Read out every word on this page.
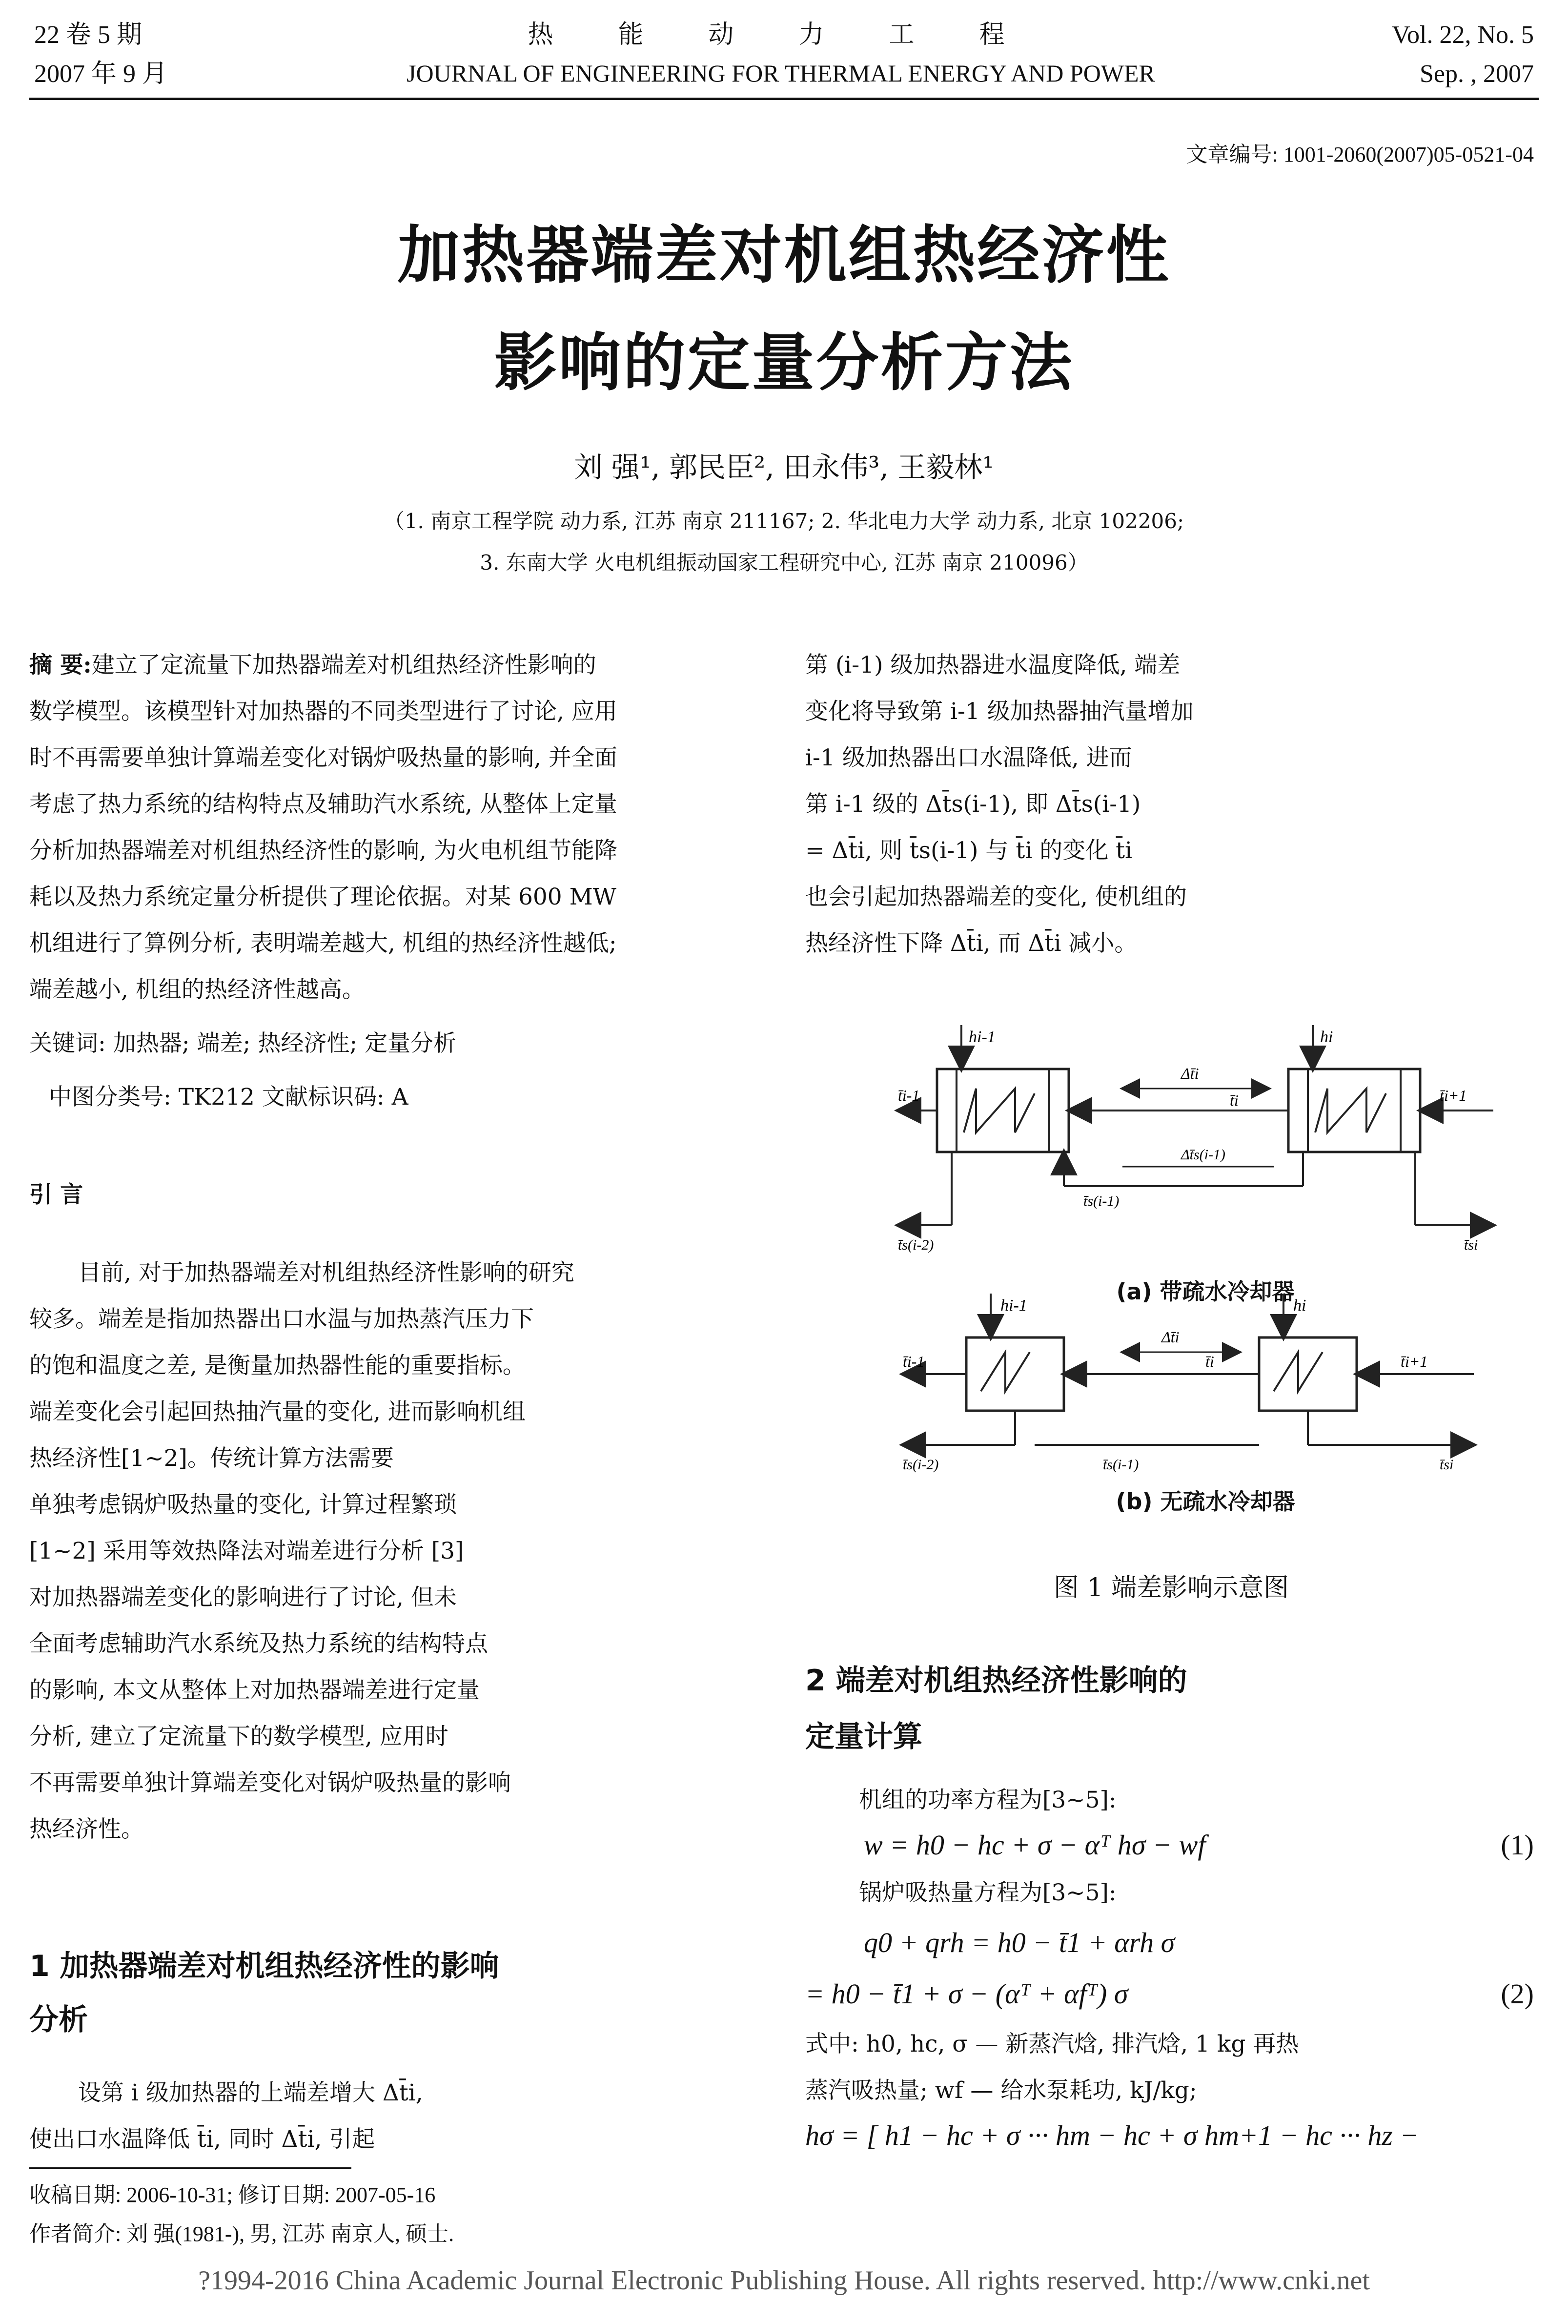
22 卷 5 期
2007 年 9 月
热 能 动 力 工 程
JOURNAL OF ENGINEERING FOR THERMAL ENERGY AND POWER
Vol. 22, No. 5
Sep. , 2007
文章编号: 1001-2060(2007)05-0521-04
加热器端差对机组热经济性
影响的定量分析方法
刘 强¹, 郭民臣², 田永伟³, 王毅林¹
（1. 南京工程学院 动力系, 江苏 南京 211167; 2. 华北电力大学 动力系, 北京 102206;
3. 东南大学 火电机组振动国家工程研究中心, 江苏 南京 210096）
摘 要:建立了定流量下加热器端差对机组热经济性影响的
数学模型。该模型针对加热器的不同类型进行了讨论, 应用
时不再需要单独计算端差变化对锅炉吸热量的影响, 并全面
考虑了热力系统的结构特点及辅助汽水系统, 从整体上定量
分析加热器端差对机组热经济性的影响, 为火电机组节能降
耗以及热力系统定量分析提供了理论依据。对某 600 MW
机组进行了算例分析, 表明端差越大, 机组的热经济性越低;
端差越小, 机组的热经济性越高。
关键词: 加热器; 端差; 热经济性; 定量分析
中图分类号: TK212 文献标识码: A
引 言
目前, 对于加热器端差对机组热经济性影响的研究
较多。端差是指加热器出口水温与加热蒸汽压力下
的饱和温度之差, 是衡量加热器性能的重要指标。
端差变化会引起回热抽汽量的变化, 进而影响机组
热经济性[1~2]。传统计算方法需要
单独考虑锅炉吸热量的变化, 计算过程繁琐
[1~2] 采用等效热降法对端差进行分析 [3]
对加热器端差变化的影响进行了讨论, 但未
全面考虑辅助汽水系统及热力系统的结构特点
的影响, 本文从整体上对加热器端差进行定量
分析, 建立了定流量下的数学模型, 应用时
不再需要单独计算端差变化对锅炉吸热量的影响
热经济性。
1 加热器端差对机组热经济性的影响
分析
设第 i 级加热器的上端差增大 Δt̄i,
使出口水温降低 t̄i, 同时 Δt̄i, 引起
收稿日期: 2006-10-31; 修订日期: 2007-05-16
作者简介: 刘 强(1981-), 男, 江苏 南京人, 硕士.
第 (i-1) 级加热器进水温度降低, 端差
变化将导致第 i-1 级加热器抽汽量增加
i-1 级加热器出口水温降低, 进而
第 i-1 级的 Δt̄s(i-1), 即 Δt̄s(i-1)
= Δt̄i, 则 t̄s(i-1) 与 t̄i 的变化 t̄i
也会引起加热器端差的变化, 使机组的
热经济性下降 Δt̄i, 而 Δt̄i 减小。
hi-1	hi
t̄i-1	t̄i	t̄i+1
Δt̄i
Δt̄s(i-1)
t̄s(i-2)
t̄s(i-1)
t̄si
(a) 带疏水冷却器
hi-1	hi
t̄i-1	t̄i	t̄i+1
Δt̄i
t̄s(i-2)	t̄s(i-1)	t̄si
(b) 无疏水冷却器
图 1 端差影响示意图
2 端差对机组热经济性影响的
定量计算
机组的功率方程为[3~5]:
w = h0 − hc + σ − αᵀ hσ − wf	(1)
锅炉吸热量方程为[3~5]:
q0 + qrh = h0 − t̄1 + αrh σ
= h0 − t̄1 + σ − (αᵀ + αfᵀ) σ	(2)
式中: h0, hc, σ — 新蒸汽焓, 排汽焓, 1 kg 再热
蒸汽吸热量; wf — 给水泵耗功, kJ/kg;
hσ = [ h1 − hc + σ ··· hm − hc + σ hm+1 − hc ··· hz −
?1994-2016 China Academic Journal Electronic Publishing House. All rights reserved. http://www.cnki.net
